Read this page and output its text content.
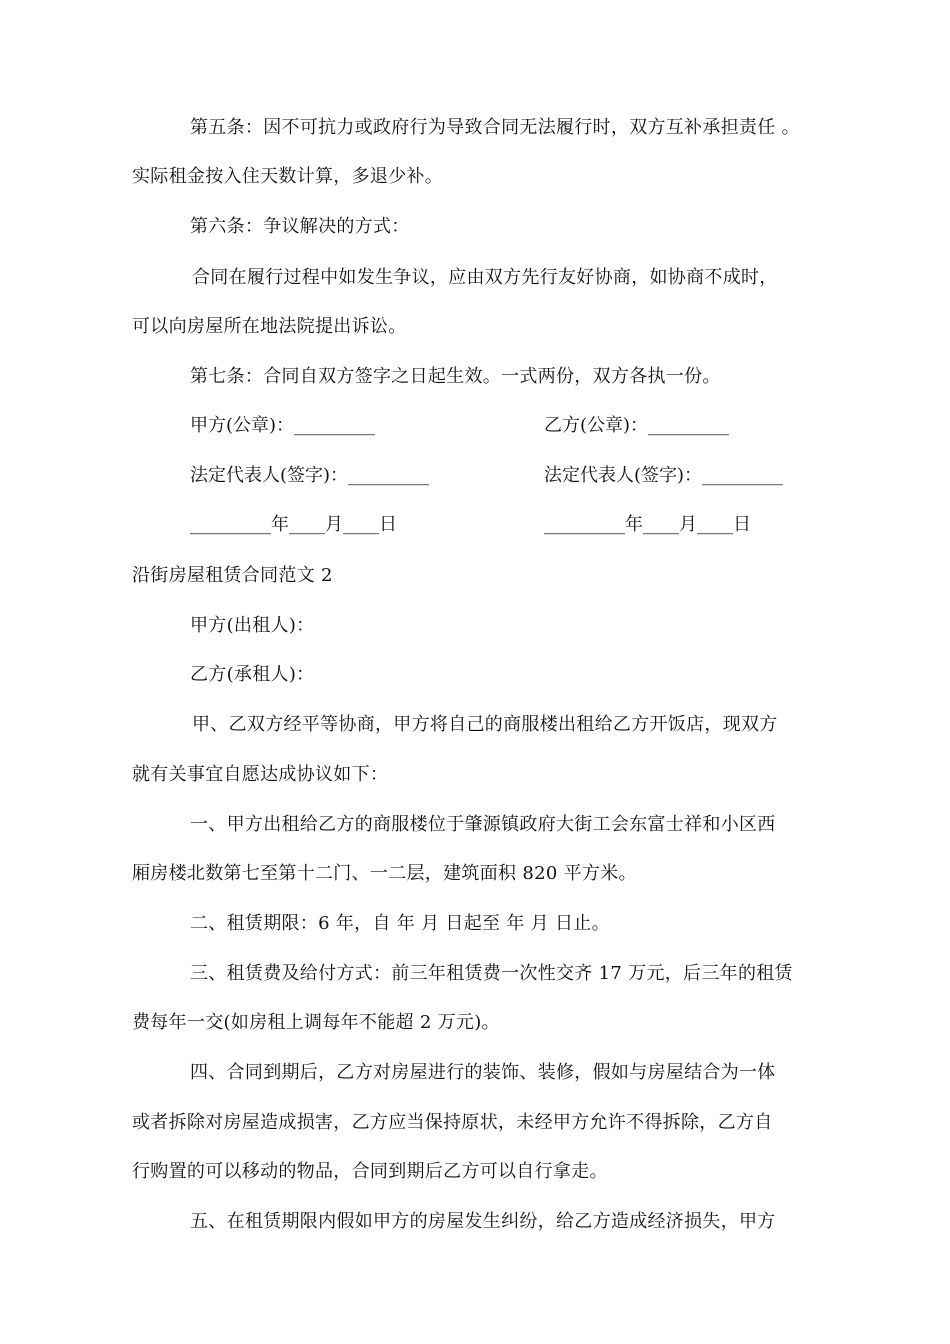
第五条：因不可抗力或政府行为导致合同无法履行时，双方互补承担责任 。
实际租金按入住天数计算，多退少补。
第六条：争议解决的方式：
合同在履行过程中如发生争议，应由双方先行友好协商，如协商不成时，
可以向房屋所在地法院提出诉讼。
第七条：合同自双方签字之日起生效。一式两份，双方各执一份。
甲方(公章)：_________	乙方(公章)：_________
法定代表人(签字)：_________	法定代表人(签字)：_________
_________年____月____日	_________年____月____日
沿街房屋租赁合同范文 2
甲方(出租人)：
乙方(承租人)：
甲、乙双方经平等协商，甲方将自己的商服楼出租给乙方开饭店，现双方
就有关事宜自愿达成协议如下：
一、甲方出租给乙方的商服楼位于肇源镇政府大街工会东富士祥和小区西
厢房楼北数第七至第十二门、一二层，建筑面积 820 平方米。
二、租赁期限：6 年，自 年 月 日起至 年 月 日止。
三、租赁费及给付方式：前三年租赁费一次性交齐 17 万元，后三年的租赁
费每年一交(如房租上调每年不能超 2 万元)。
四、合同到期后，乙方对房屋进行的装饰、装修，假如与房屋结合为一体
或者拆除对房屋造成损害，乙方应当保持原状，未经甲方允许不得拆除，乙方自
行购置的可以移动的物品，合同到期后乙方可以自行拿走。
五、在租赁期限内假如甲方的房屋发生纠纷，给乙方造成经济损失，甲方
